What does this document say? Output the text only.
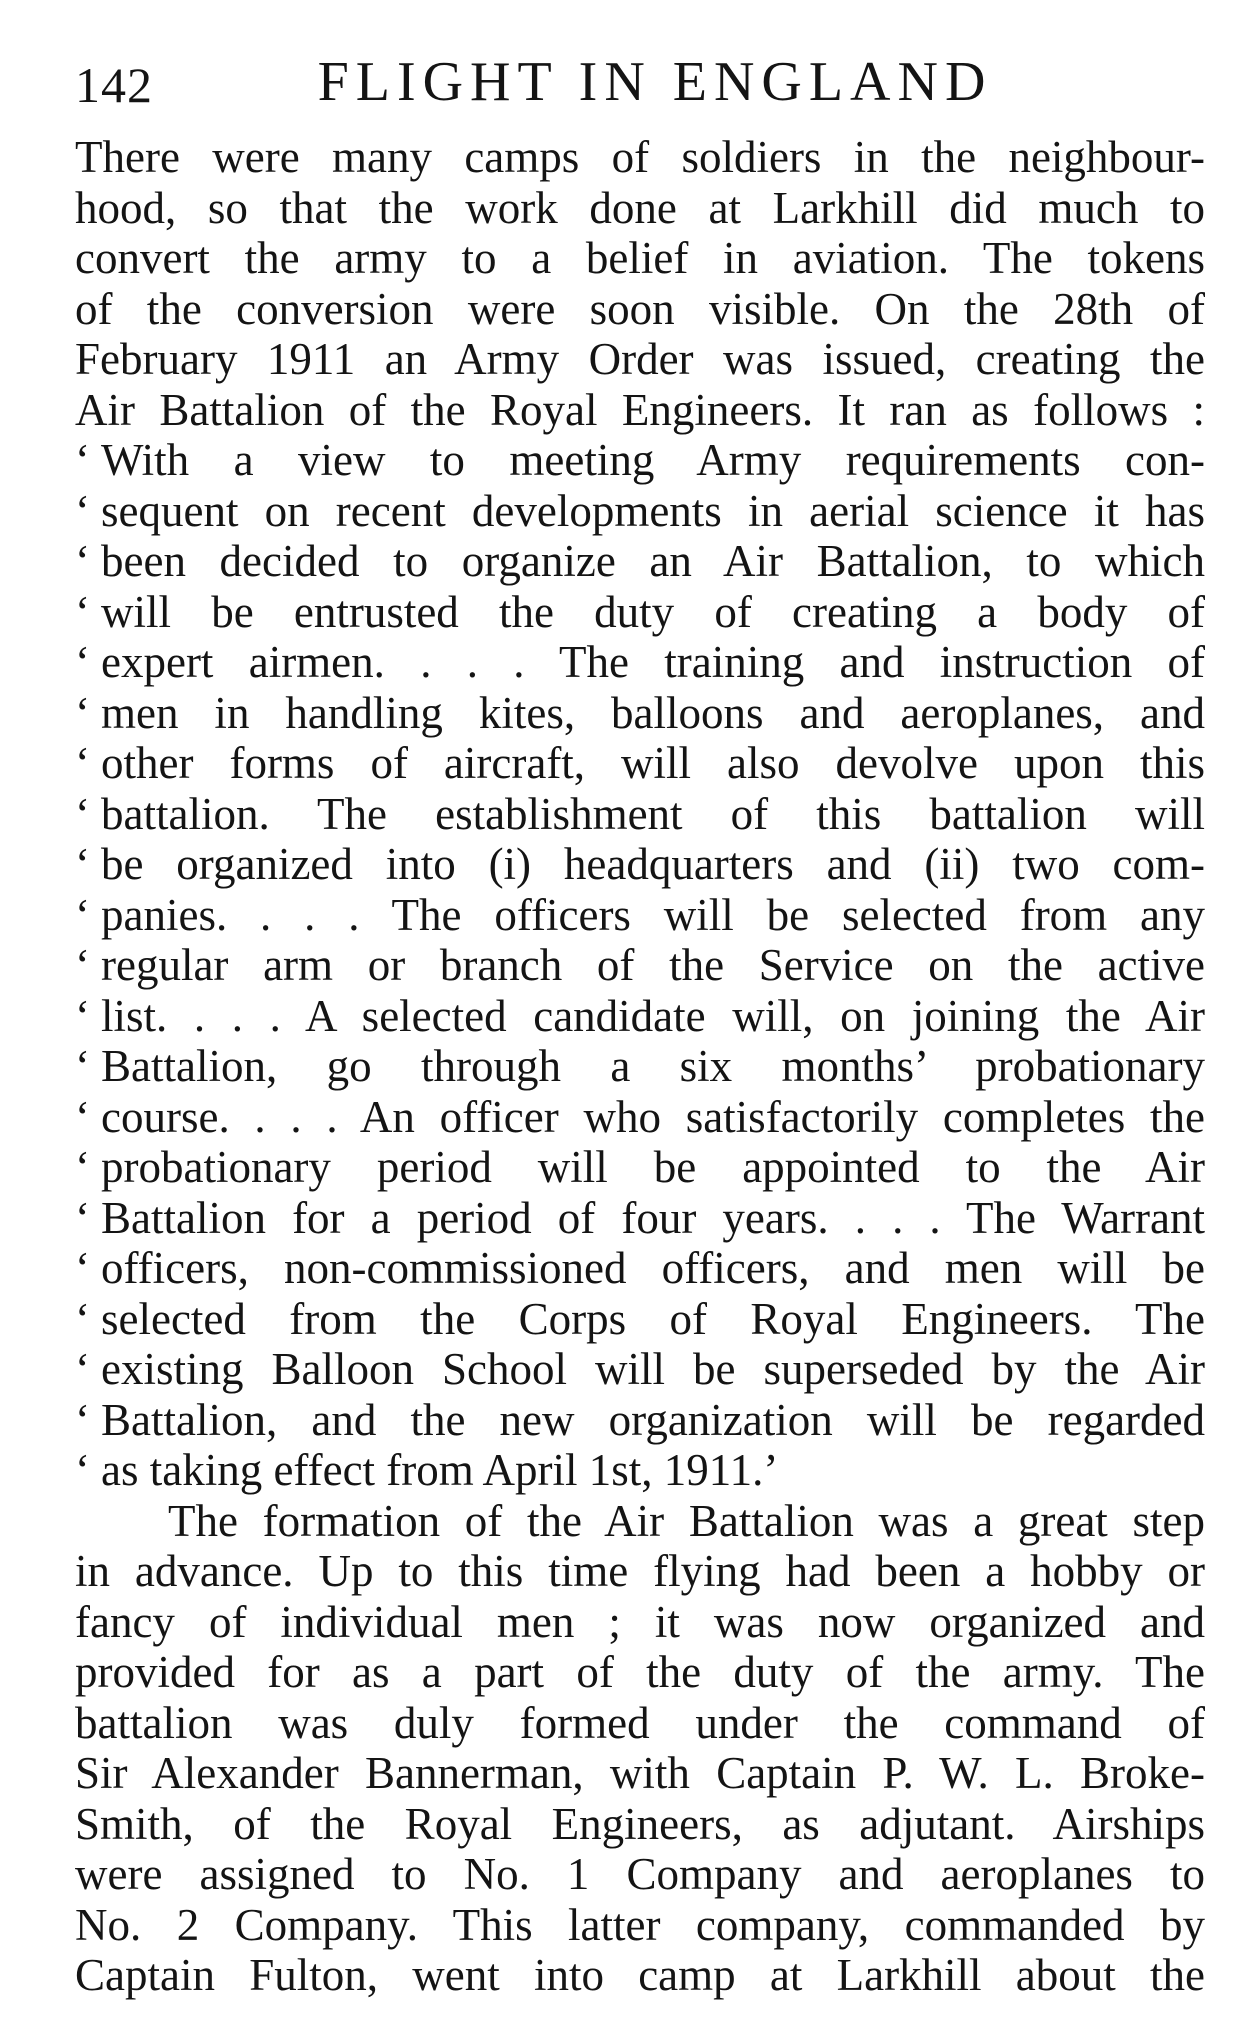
142	FLIGHT IN ENGLAND
There were many camps of soldiers in the neighbour-
hood, so that the work done at Larkhill did much to
convert the army to a belief in aviation. The tokens
of the conversion were soon visible. On the 28th of
February 1911 an Army Order was issued, creating the
Air Battalion of the Royal Engineers. It ran as follows :
‘ With a view to meeting Army requirements con-
‘ sequent on recent developments in aerial science it has
‘ been decided to organize an Air Battalion, to which
‘ will be entrusted the duty of creating a body of
‘ expert airmen. . . . The training and instruction of
‘ men in handling kites, balloons and aeroplanes, and
‘ other forms of aircraft, will also devolve upon this
‘ battalion. The establishment of this battalion will
‘ be organized into (i) headquarters and (ii) two com-
‘ panies. . . . The officers will be selected from any
‘ regular arm or branch of the Service on the active
‘ list. . . . A selected candidate will, on joining the Air
‘ Battalion, go through a six months’ probationary
‘ course. . . . An officer who satisfactorily completes the
‘ probationary period will be appointed to the Air
‘ Battalion for a period of four years. . . . The Warrant
‘ officers, non-commissioned officers, and men will be
‘ selected from the Corps of Royal Engineers. The
‘ existing Balloon School will be superseded by the Air
‘ Battalion, and the new organization will be regarded
‘ as taking effect from April 1st, 1911.’
The formation of the Air Battalion was a great step
in advance. Up to this time flying had been a hobby or
fancy of individual men ; it was now organized and
provided for as a part of the duty of the army. The
battalion was duly formed under the command of
Sir Alexander Bannerman, with Captain P. W. L. Broke-
Smith, of the Royal Engineers, as adjutant. Airships
were assigned to No. 1 Company and aeroplanes to
No. 2 Company. This latter company, commanded by
Captain Fulton, went into camp at Larkhill about the
